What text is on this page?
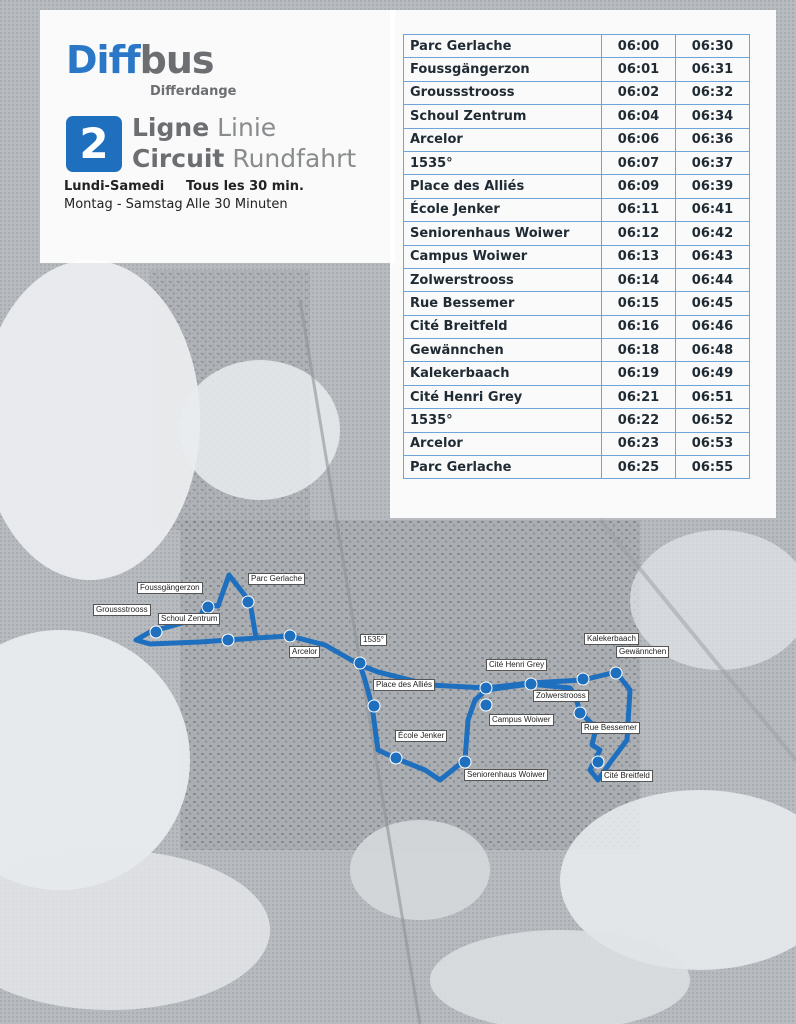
Foussgängerzon
Parc Gerlache
Groussstrooss
Schoul Zentrum
Arcelor
1535°
Place des Alliés
École Jenker
Seniorenhaus Woiwer
Campus Woiwer
Cité Henri Grey
Zolwerstrooss
Kalekerbaach
Gewännchen
Rue Bessemer
Cité Breitfeld
Diffbus
Differdange
2 Ligne Linie
Circuit Rundfahrt
Lundi-Samedi
Montag - Samstag
Tous les 30 min.
Alle 30 Minuten
Parc Gerlache	06:00	06:30
Foussgängerzon	06:01	06:31
Groussstrooss	06:02	06:32
Schoul Zentrum	06:04	06:34
Arcelor	06:06	06:36
1535°	06:07	06:37
Place des Alliés	06:09	06:39
École Jenker	06:11	06:41
Seniorenhaus Woiwer	06:12	06:42
Campus Woiwer	06:13	06:43
Zolwerstrooss	06:14	06:44
Rue Bessemer	06:15	06:45
Cité Breitfeld	06:16	06:46
Gewännchen	06:18	06:48
Kalekerbaach	06:19	06:49
Cité Henri Grey	06:21	06:51
1535°	06:22	06:52
Arcelor	06:23	06:53
Parc Gerlache	06:25	06:55
